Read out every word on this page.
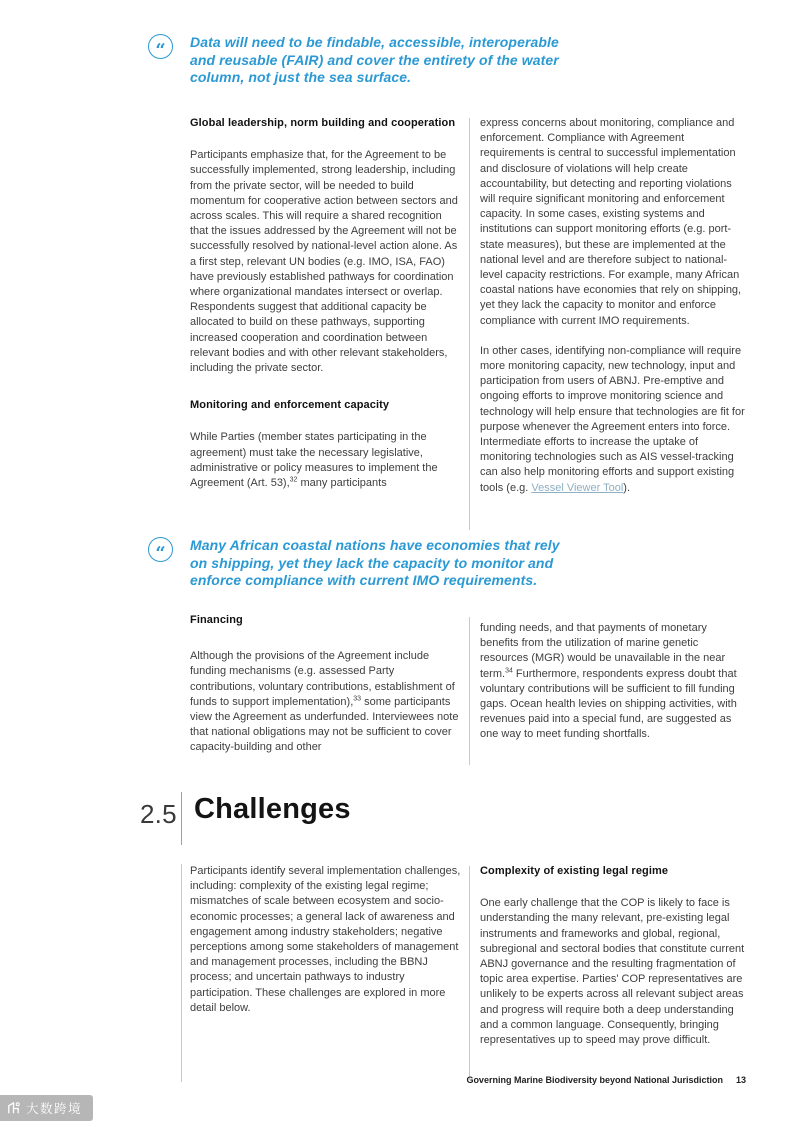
“ Data will need to be findable, accessible, interoperable and reusable (FAIR) and cover the entirety of the water column, not just the sea surface.
Global leadership, norm building and cooperation

Participants emphasize that, for the Agreement to be successfully implemented, strong leadership, including from the private sector, will be needed to build momentum for cooperative action between sectors and across scales. This will require a shared recognition that the issues addressed by the Agreement will not be successfully resolved by national-level action alone. As a first step, relevant UN bodies (e.g. IMO, ISA, FAO) have previously established pathways for coordination where organizational mandates intersect or overlap. Respondents suggest that additional capacity be allocated to build on these pathways, supporting increased cooperation and coordination between relevant bodies and with other relevant stakeholders, including the private sector.

Monitoring and enforcement capacity

While Parties (member states participating in the agreement) must take the necessary legislative, administrative or policy measures to implement the Agreement (Art. 53),$^{32}$ many participants

express concerns about monitoring, compliance and enforcement. Compliance with Agreement requirements is central to successful implementation and disclosure of violations will help create accountability, but detecting and reporting violations will require significant monitoring and enforcement capacity. In some cases, existing systems and institutions can support monitoring efforts (e.g. port-state measures), but these are implemented at the national level and are therefore subject to national-level capacity restrictions. For example, many African coastal nations have economies that rely on shipping, yet they lack the capacity to monitor and enforce compliance with current IMO requirements.

In other cases, identifying non-compliance will require more monitoring capacity, new technology, input and participation from users of ABNJ. Pre-emptive and ongoing efforts to improve monitoring science and technology will help ensure that technologies are fit for purpose whenever the Agreement enters into force. Intermediate efforts to increase the uptake of monitoring technologies such as AIS vessel-tracking can also help monitoring efforts and support existing tools (e.g. Vessel Viewer Tool).

“ Many African coastal nations have economies that rely on shipping, yet they lack the capacity to monitor and enforce compliance with current IMO requirements.
Financing

Although the provisions of the Agreement include funding mechanisms (e.g. assessed Party contributions, voluntary contributions, establishment of funds to support implementation),$^{33}$ some participants view the Agreement as underfunded. Interviewees note that national obligations may not be sufficient to cover capacity-building and other

funding needs, and that payments of monetary benefits from the utilization of marine genetic resources (MGR) would be unavailable in the near term.$^{34}$ Furthermore, respondents express doubt that voluntary contributions will be sufficient to fill funding gaps. Ocean health levies on shipping activities, with revenues paid into a special fund, are suggested as one way to meet funding shortfalls.

2.5 Challenges

Participants identify several implementation challenges, including: complexity of the existing legal regime; mismatches of scale between ecosystem and socio-economic processes; a general lack of awareness and engagement among industry stakeholders; negative perceptions among some stakeholders of management and management processes, including the BBNJ process; and uncertain pathways to industry participation. These challenges are explored in more detail below.

Complexity of existing legal regime

One early challenge that the COP is likely to face is understanding the many relevant, pre-existing legal instruments and frameworks and global, regional, subregional and sectoral bodies that constitute current ABNJ governance and the resulting fragmentation of topic area expertise. Parties' COP representatives are unlikely to be experts across all relevant subject areas and progress will require both a deep understanding and a common language. Consequently, bringing representatives up to speed may prove difficult.

Governing Marine Biodiversity beyond National Jurisdiction 13
大数跨境
